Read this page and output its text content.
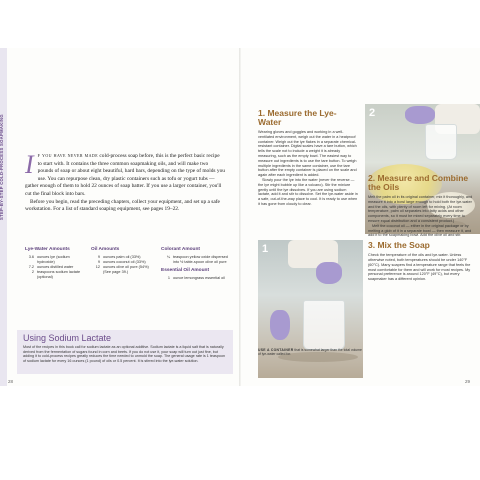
If you have never made cold-process soap before, this is the perfect basic recipe to start with. It contains the three common soapmaking oils, and will make two pounds of soap or about eight beautiful, hard bars, depending on the type of molds you use. You can repurpose clean, dry plastic containers such as tofu or yogurt tubs — gather enough of them to hold 22 ounces of soap batter. If you use a larger container, you'll cut the final block into bars.

Before you begin, read the preceding chapters, collect your equipment, and set up a safe workstation. For a list of standard soaping equipment, see pages 19–22.

Lye-Water Amounts
3.6 ounces lye (sodium hydroxide)
7.2 ounces distilled water
2 teaspoons sodium lactate (optional)
Oil Amounts
9 ounces palm oil (33%)
9 ounces coconut oil (33%)
12 ounces olive oil pure (54%) (See page 39.)
Colorant Amount
¼ teaspoon yellow oxide dispersed into ½ table-spoon olive oil pure
Essential Oil Amount
1 ounce lemongrass essential oil
Using Sodium Lactate

Most of the recipes in this book call for sodium lactate as an optional additive. Sodium lactate is a liquid salt that is naturally derived from the fermentation of sugars found in corn and beets. If you do not use it, your soap will turn out just fine, but adding it to cold-process recipes greatly reduces the time needed to unmold the soap. The general usage rate is 1 teaspoon of sodium lactate for every 16 ounces (1 pound) of oils or 0.5 percent. It is stirred into the lye-water solution.

28
1. Measure the Lye-Water

Wearing gloves and goggles and working in a well-ventilated environment, weigh out the water in a heatproof container. Weigh out the lye flakes in a separate chemical-resistant container. Digital scales have a tare button, which tells the scale not to include a weight it is already measuring, such as the empty bowl. The easiest way to measure out ingredients is to use the tare button. To weigh multiple ingredients in the same container, use the tare button after the empty container is placed on the scale and again after each ingredient is added.

Slowly pour the lye into the water (never the reverse — the lye might bubble up like a volcano). Stir the mixture gently until the lye dissolves. If you are using sodium lactate, add it and stir to dissolve. Set the lye-water aside in a safe, out-of-the-way place to cool. It is ready to use when it has gone from cloudy to clear.

2
1
USE A CONTAINER that is somewhat larger than the total volume of lye-water called for.
2. Measure and Combine the Oils

Melt the palm oil in its original container, mix it thoroughly, and measure it into a bowl large enough to hold both the lye-water and the oils, with plenty of room left for mixing. (At room temperature, palm oil separates into fatty acids and other components, so it must be mixed separately every time to ensure equal distribution and a consistent product.)

Melt the coconut oil — either in the original package or by melting a glob of it in a separate bowl — then measure it, and add it to the soapmaking bowl. Add the olive oil and stir.

3. Mix the Soap

Check the temperature of the oils and lye-water. Unless otherwise noted, both temperatures should be under 140°F (60°C). Many soapers find a temperature range that feels the most comfortable for them and will work for most recipes. My personal preference is around 120°F (49°C), but every soapmaker has a different opinion.

29
